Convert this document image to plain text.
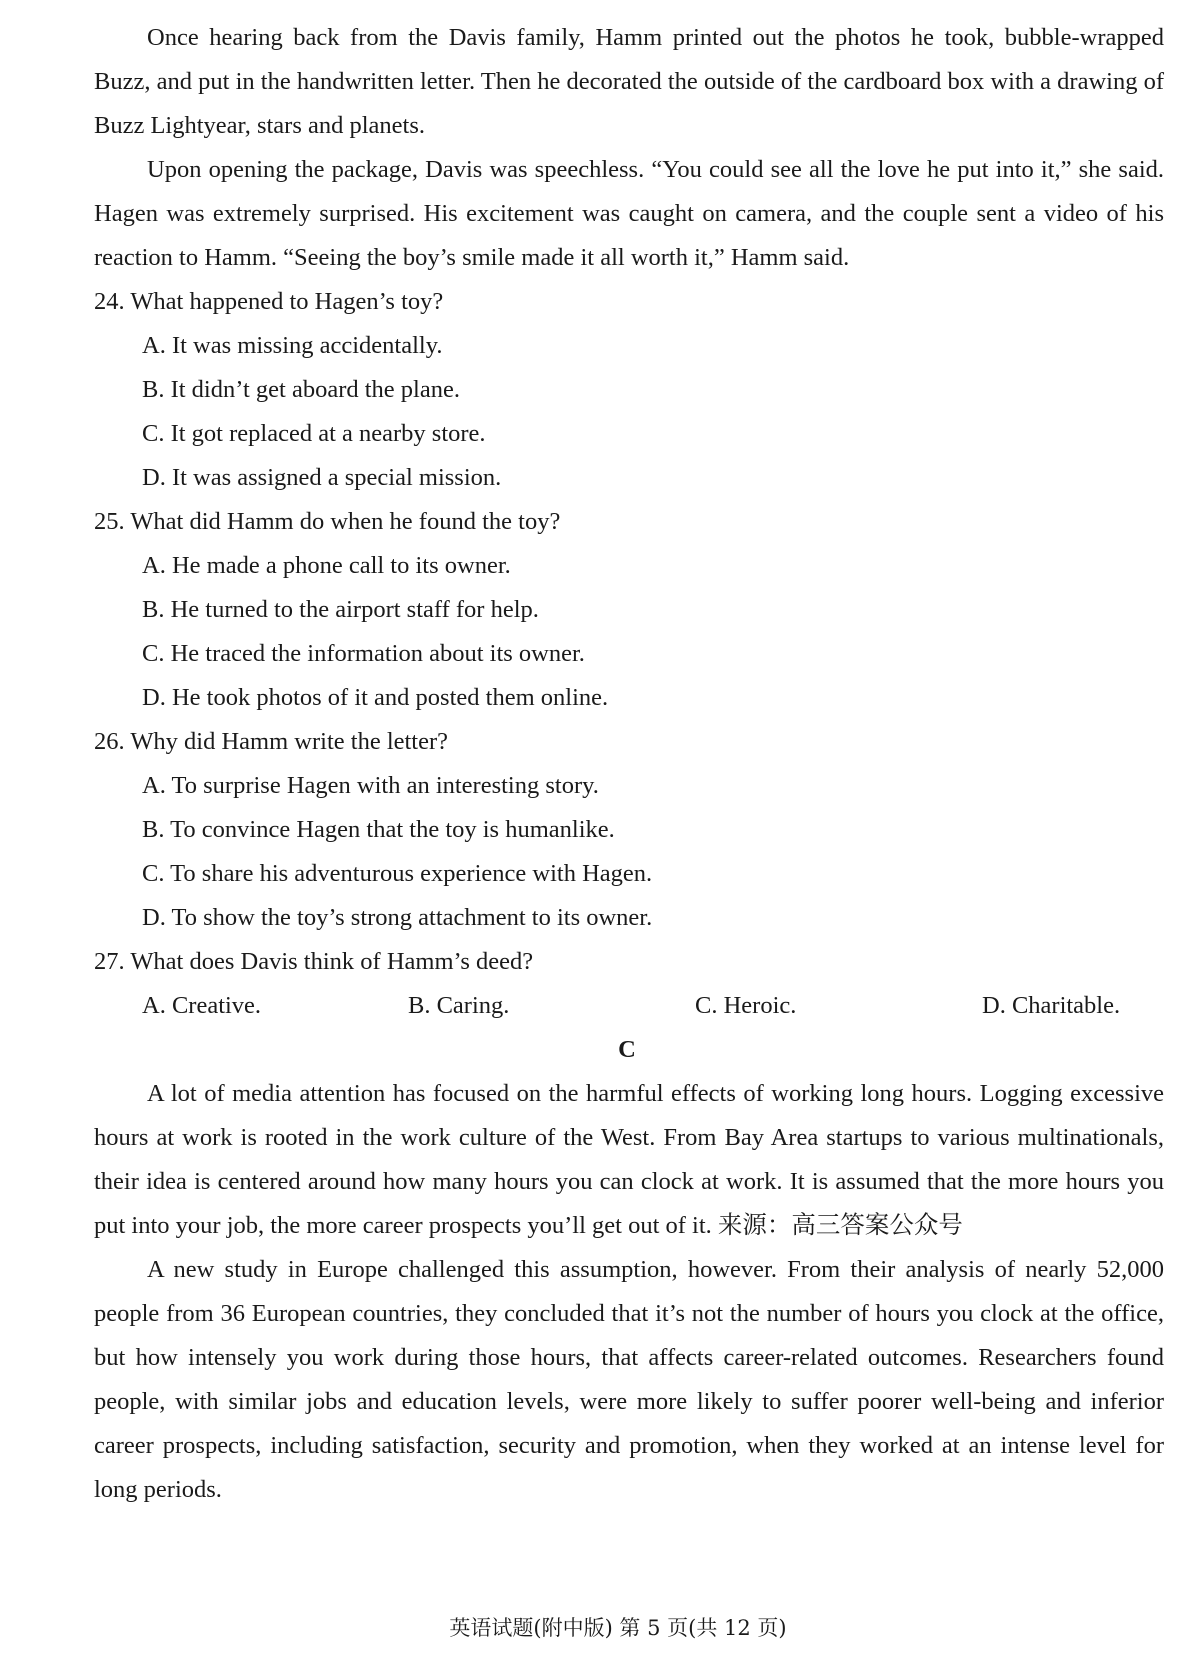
Once hearing back from the Davis family, Hamm printed out the photos he took, bubble-wrapped Buzz, and put in the handwritten letter. Then he decorated the outside of the cardboard box with a drawing of Buzz Lightyear, stars and planets.

Upon opening the package, Davis was speechless. “You could see all the love he put into it,” she said. Hagen was extremely surprised. His excitement was caught on camera, and the couple sent a video of his reaction to Hamm. “Seeing the boy’s smile made it all worth it,” Hamm said.

24. What happened to Hagen’s toy?

A. It was missing accidentally.

B. It didn’t get aboard the plane.

C. It got replaced at a nearby store.

D. It was assigned a special mission.

25. What did Hamm do when he found the toy?

A. He made a phone call to its owner.

B. He turned to the airport staff for help.

C. He traced the information about its owner.

D. He took photos of it and posted them online.

26. Why did Hamm write the letter?

A. To surprise Hagen with an interesting story.

B. To convince Hagen that the toy is humanlike.

C. To share his adventurous experience with Hagen.

D. To show the toy’s strong attachment to its owner.

27. What does Davis think of Hamm’s deed?

A. Creative.	B. Caring.	C. Heroic.	D. Charitable.

C

A lot of media attention has focused on the harmful effects of working long hours. Logging excessive hours at work is rooted in the work culture of the West. From Bay Area startups to various multinationals, their idea is centered around how many hours you can clock at work. It is assumed that the more hours you put into your job, the more career prospects you’ll get out of it. 来源：高三答案公众号

A new study in Europe challenged this assumption, however. From their analysis of nearly 52,000 people from 36 European countries, they concluded that it’s not the number of hours you clock at the office, but how intensely you work during those hours, that affects career-related outcomes. Researchers found people, with similar jobs and education levels, were more likely to suffer poorer well-being and inferior career prospects, including satisfaction, security and promotion, when they worked at an intense level for long periods.

英语试题(附中版) 第 5 页(共 12 页)
